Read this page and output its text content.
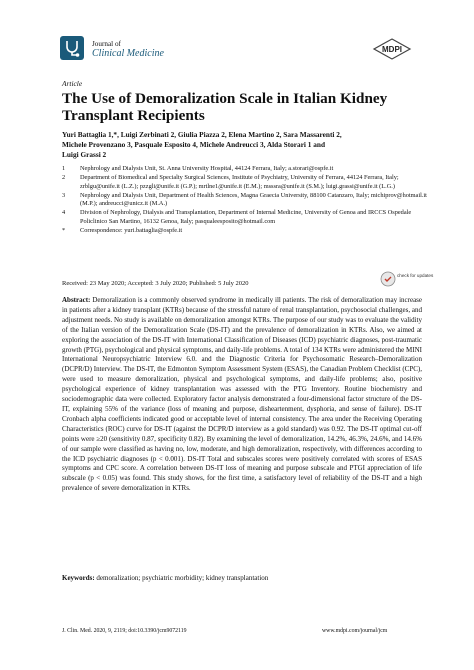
Journal of
Clinical Medicine	MDPI
Article
The Use of Demoralization Scale in Italian Kidney Transplant Recipients
Yuri Battaglia 1,*, Luigi Zerbinati 2, Giulia Piazza 2, Elena Martino 2, Sara Massarenti 2,
Michele Provenzano 3, Pasquale Esposito 4, Michele Andreucci 3, Alda Storari 1 and
Luigi Grassi 2
1	Nephrology and Dialysis Unit, St. Anna University Hospital, 44124 Ferrara, Italy; a.storari@ospfe.it
2	Department of Biomedical and Specialty Surgical Sciences, Institute of Psychiatry, University of Ferrara, 44124 Ferrara, Italy; zrblgu@unife.it (L.Z.); pzzgli@unife.it (G.P.); mrtlne1@unife.it (E.M.); msssra@unife.it (S.M.); luigi.grassi@unife.it (L.G.)
3	Nephrology and Dialysis Unit, Department of Health Sciences, Magna Graecia University, 88100 Catanzaro, Italy; michiprov@hotmail.it (M.P.); andreucci@unicz.it (M.A.)
4	Division of Nephrology, Dialysis and Transplantation, Department of Internal Medicine, University of Genoa and IRCCS Ospedale Policlinico San Martino, 16132 Genoa, Italy; pasqualeesposito@hotmail.com
*	Correspondence: yuri.battaglia@ospfe.it
check for updates
Received: 23 May 2020; Accepted: 3 July 2020; Published: 5 July 2020
Abstract: Demoralization is a commonly observed syndrome in medically ill patients. The risk of demoralization may increase in patients after a kidney transplant (KTRs) because of the stressful nature of renal transplantation, psychosocial challenges, and adjustment needs. No study is available on demoralization amongst KTRs. The purpose of our study was to evaluate the validity of the Italian version of the Demoralization Scale (DS-IT) and the prevalence of demoralization in KTRs. Also, we aimed at exploring the association of the DS-IT with International Classification of Diseases (ICD) psychiatric diagnoses, post-traumatic growth (PTG), psychological and physical symptoms, and daily-life problems. A total of 134 KTRs were administered the MINI International Neuropsychiatric Interview 6.0. and the Diagnostic Criteria for Psychosomatic Research–Demoralization (DCPR/D) Interview. The DS-IT, the Edmonton Symptom Assessment System (ESAS), the Canadian Problem Checklist (CPC), were used to measure demoralization, physical and psychological symptoms, and daily-life problems; also, positive psychological experience of kidney transplantation was assessed with the PTG Inventory. Routine biochemistry and sociodemographic data were collected. Exploratory factor analysis demonstrated a four-dimensional factor structure of the DS-IT, explaining 55% of the variance (loss of meaning and purpose, disheartenment, dysphoria, and sense of failure). DS-IT Cronbach alpha coefficients indicated good or acceptable level of internal consistency. The area under the Receiving Operating Characteristics (ROC) curve for DS-IT (against the DCPR/D interview as a gold standard) was 0.92. The DS-IT optimal cut-off points were ≥20 (sensitivity 0.87, specificity 0.82). By examining the level of demoralization, 14.2%, 46.3%, 24.6%, and 14.6% of our sample were classified as having no, low, moderate, and high demoralization, respectively, with differences according to the ICD psychiatric diagnoses (p < 0.001). DS-IT Total and subscales scores were positively correlated with scores of ESAS symptoms and CPC score. A correlation between DS-IT loss of meaning and purpose subscale and PTGI appreciation of life subscale (p < 0.05) was found. This study shows, for the first time, a satisfactory level of reliability of the DS-IT and a high prevalence of severe demoralization in KTRs.
Keywords: demoralization; psychiatric morbidity; kidney transplantation
J. Clin. Med. 2020, 9, 2119; doi:10.3390/jcm9072119	www.mdpi.com/journal/jcm
